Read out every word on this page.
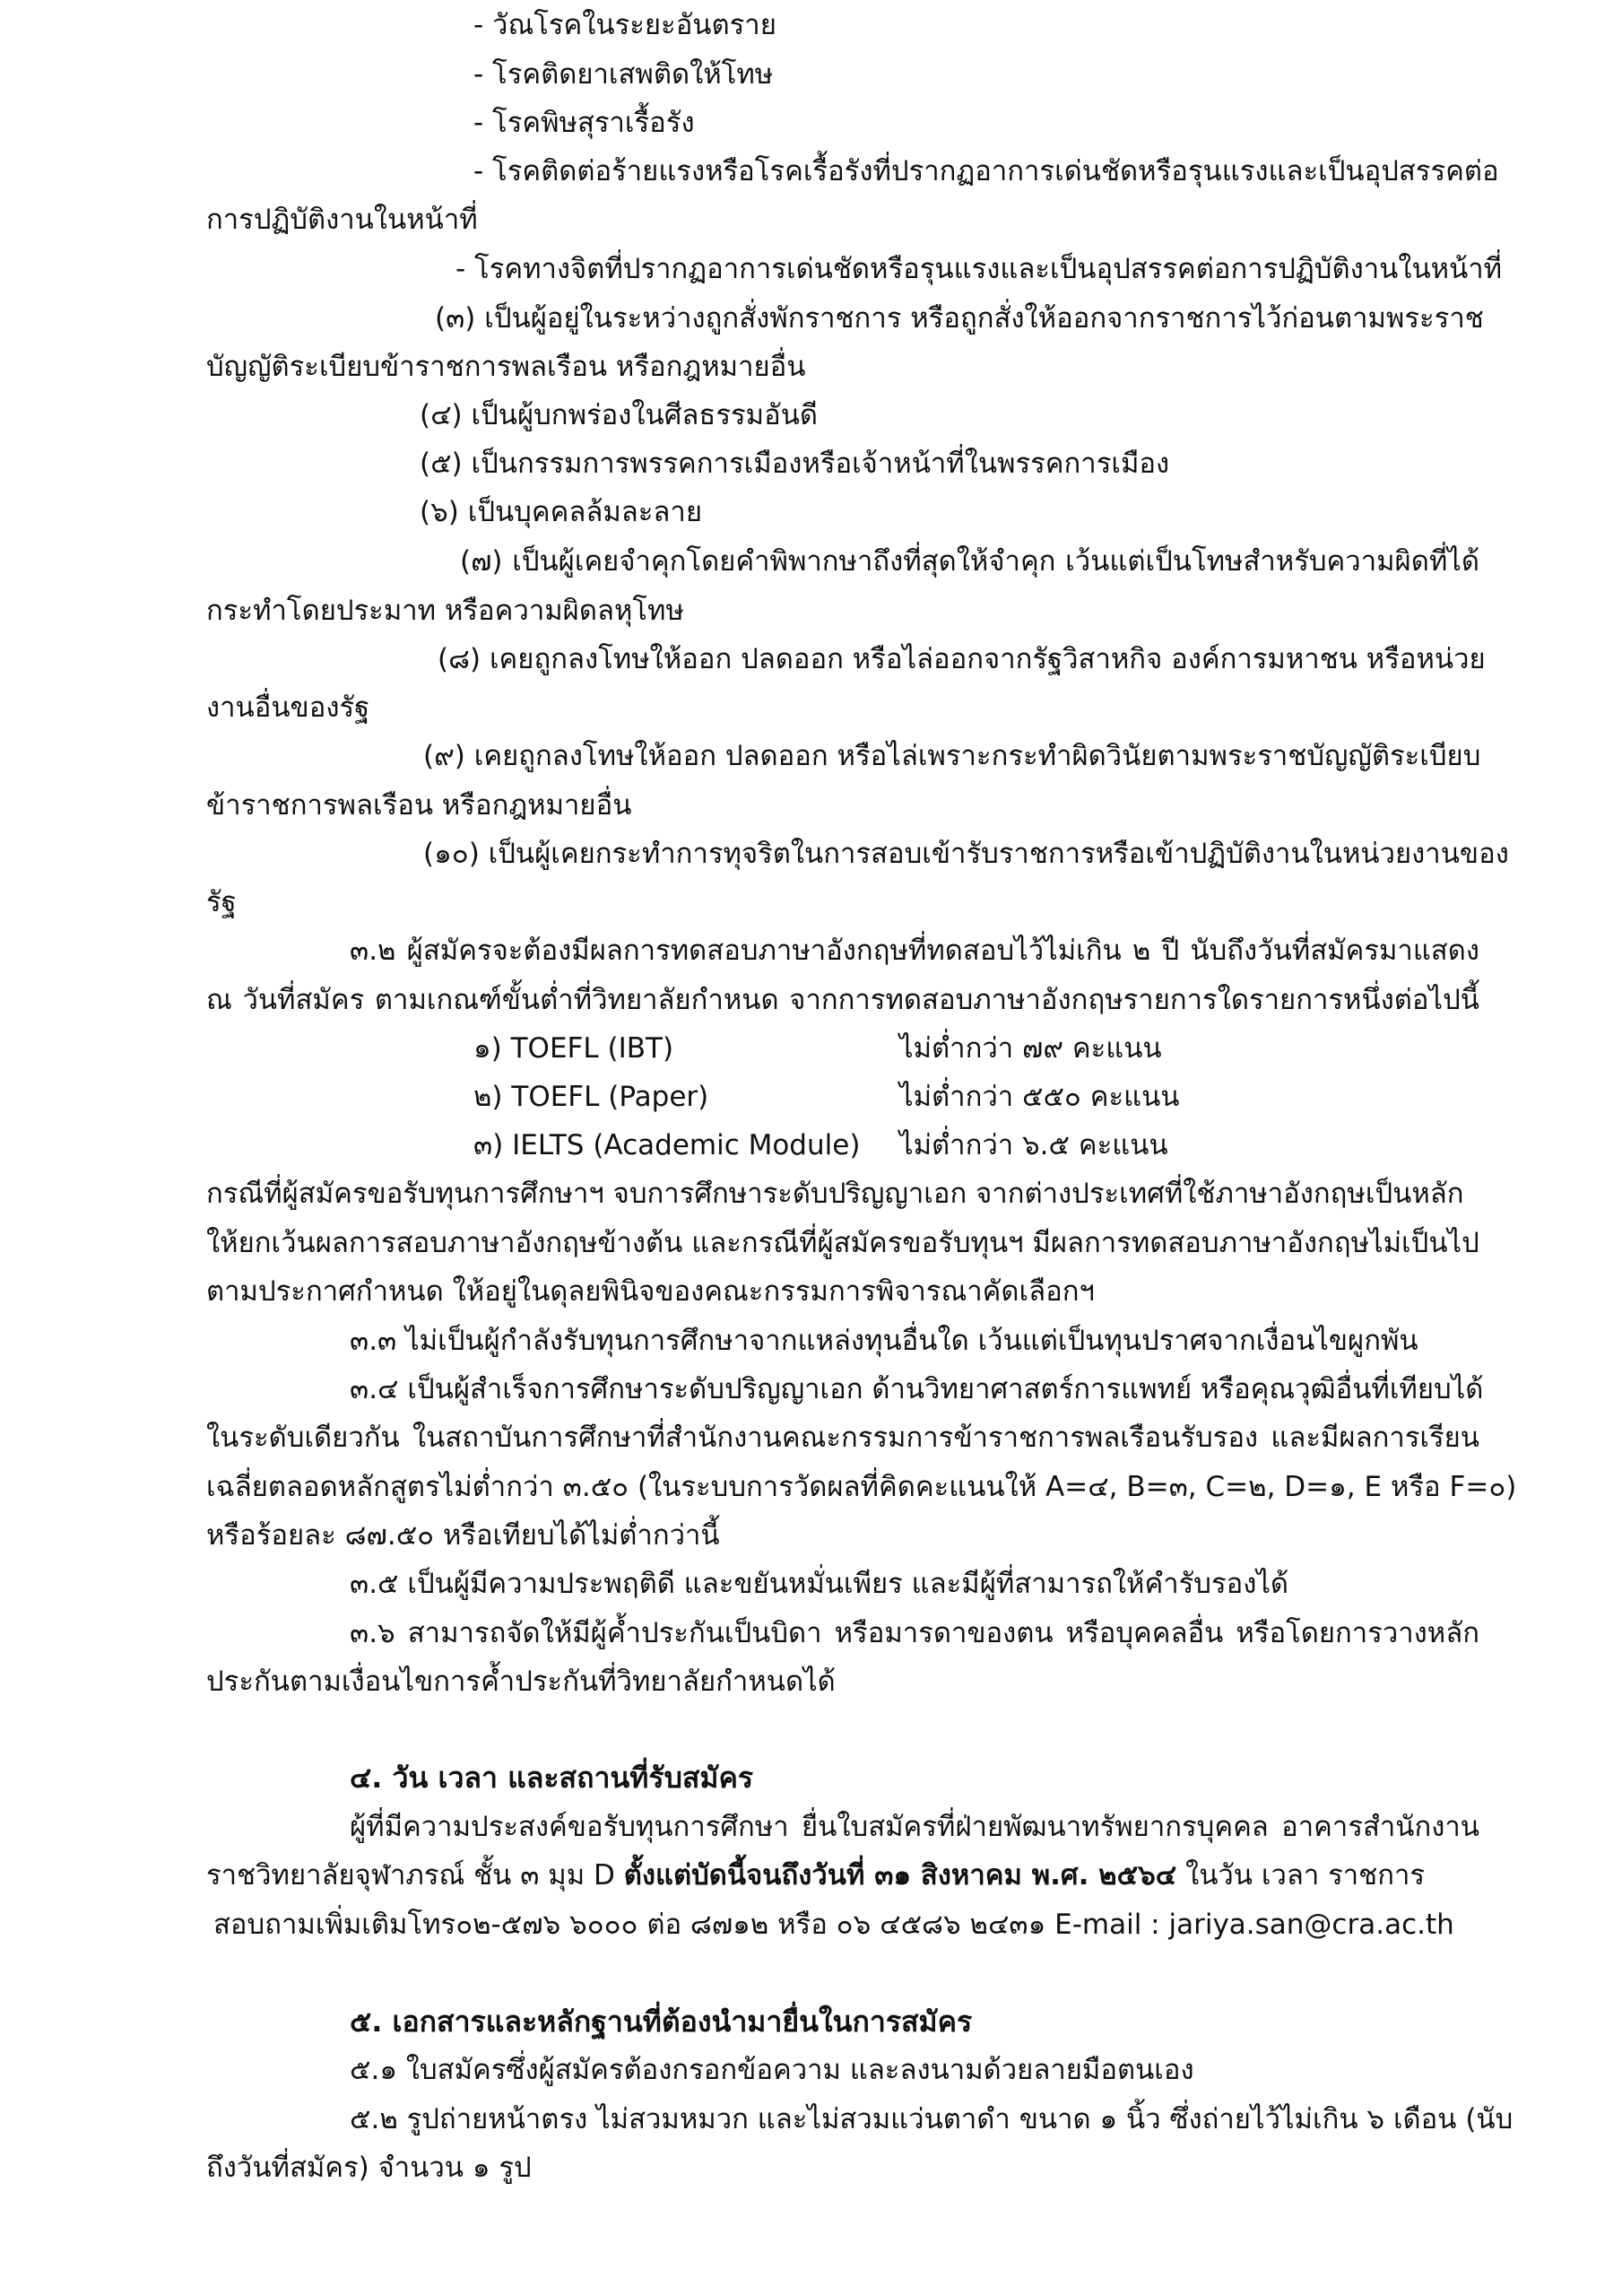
- วัณโรคในระยะอันตราย
- โรคติดยาเสพติดให้โทษ
- โรคพิษสุราเรื้อรัง
- โรคติดต่อร้ายแรงหรือโรคเรื้อรังที่ปรากฏอาการเด่นชัดหรือรุนแรงและเป็นอุปสรรคต่อ
การปฏิบัติงานในหน้าที่
- โรคทางจิตที่ปรากฏอาการเด่นชัดหรือรุนแรงและเป็นอุปสรรคต่อการปฏิบัติงานในหน้าที่
(๓) เป็นผู้อยู่ในระหว่างถูกสั่งพักราชการ หรือถูกสั่งให้ออกจากราชการไว้ก่อนตามพระราช
บัญญัติระเบียบข้าราชการพลเรือน หรือกฎหมายอื่น
(๔) เป็นผู้บกพร่องในศีลธรรมอันดี
(๕) เป็นกรรมการพรรคการเมืองหรือเจ้าหน้าที่ในพรรคการเมือง
(๖) เป็นบุคคลล้มละลาย
(๗) เป็นผู้เคยจำคุกโดยคำพิพากษาถึงที่สุดให้จำคุก เว้นแต่เป็นโทษสำหรับความผิดที่ได้
กระทำโดยประมาท หรือความผิดลหุโทษ
(๘) เคยถูกลงโทษให้ออก ปลดออก หรือไล่ออกจากรัฐวิสาหกิจ องค์การมหาชน หรือหน่วย
งานอื่นของรัฐ
(๙) เคยถูกลงโทษให้ออก ปลดออก หรือไล่เพราะกระทำผิดวินัยตามพระราชบัญญัติระเบียบ
ข้าราชการพลเรือน หรือกฎหมายอื่น
(๑๐) เป็นผู้เคยกระทำการทุจริตในการสอบเข้ารับราชการหรือเข้าปฏิบัติงานในหน่วยงานของ
รัฐ
๓.๒ ผู้สมัครจะต้องมีผลการทดสอบภาษาอังกฤษที่ทดสอบไว้ไม่เกิน ๒ ปี นับถึงวันที่สมัครมาแสดง
ณ วันที่สมัคร ตามเกณฑ์ขั้นต่ำที่วิทยาลัยกำหนด จากการทดสอบภาษาอังกฤษรายการใดรายการหนึ่งต่อไปนี้
๑) TOEFL (IBT)	ไม่ต่ำกว่า ๗๙ คะแนน
๒) TOEFL (Paper)	ไม่ต่ำกว่า ๕๕๐ คะแนน
๓) IELTS (Academic Module) ไม่ต่ำกว่า ๖.๕ คะแนน
กรณีที่ผู้สมัครขอรับทุนการศึกษาฯ จบการศึกษาระดับปริญญาเอก จากต่างประเทศที่ใช้ภาษาอังกฤษเป็นหลัก
ให้ยกเว้นผลการสอบภาษาอังกฤษข้างต้น และกรณีที่ผู้สมัครขอรับทุนฯ มีผลการทดสอบภาษาอังกฤษไม่เป็นไป
ตามประกาศกำหนด ให้อยู่ในดุลยพินิจของคณะกรรมการพิจารณาคัดเลือกฯ
๓.๓ ไม่เป็นผู้กำลังรับทุนการศึกษาจากแหล่งทุนอื่นใด เว้นแต่เป็นทุนปราศจากเงื่อนไขผูกพัน
๓.๔ เป็นผู้สำเร็จการศึกษาระดับปริญญาเอก ด้านวิทยาศาสตร์การแพทย์ หรือคุณวุฒิอื่นที่เทียบได้
ในระดับเดียวกัน ในสถาบันการศึกษาที่สำนักงานคณะกรรมการข้าราชการพลเรือนรับรอง และมีผลการเรียน
เฉลี่ยตลอดหลักสูตรไม่ต่ำกว่า ๓.๕๐ (ในระบบการวัดผลที่คิดคะแนนให้ A=๔, B=๓, C=๒, D=๑, E หรือ F=๐)
หรือร้อยละ ๘๗.๕๐ หรือเทียบได้ไม่ต่ำกว่านี้
๓.๕ เป็นผู้มีความประพฤติดี และขยันหมั่นเพียร และมีผู้ที่สามารถให้คำรับรองได้
๓.๖ สามารถจัดให้มีผู้ค้ำประกันเป็นบิดา หรือมารดาของตน หรือบุคคลอื่น หรือโดยการวางหลัก
ประกันตามเงื่อนไขการค้ำประกันที่วิทยาลัยกำหนดได้
๔. วัน เวลา และสถานที่รับสมัคร
ผู้ที่มีความประสงค์ขอรับทุนการศึกษา ยื่นใบสมัครที่ฝ่ายพัฒนาทรัพยากรบุคคล อาคารสำนักงาน
ราชวิทยาลัยจุฬาภรณ์ ชั้น ๓ มุม D ตั้งแต่บัดนี้จนถึงวันที่ ๓๑ สิงหาคม พ.ศ. ๒๕๖๔ ในวัน เวลา ราชการ
สอบถามเพิ่มเติมโทร๐๒-๕๗๖ ๖๐๐๐ ต่อ ๘๗๑๒ หรือ ๐๖ ๔๕๘๖ ๒๔๓๑ E-mail : jariya.san@cra.ac.th
๕. เอกสารและหลักฐานที่ต้องนำมายื่นในการสมัคร
๕.๑ ใบสมัครซึ่งผู้สมัครต้องกรอกข้อความ และลงนามด้วยลายมือตนเอง
๕.๒ รูปถ่ายหน้าตรง ไม่สวมหมวก และไม่สวมแว่นตาดำ ขนาด ๑ นิ้ว ซึ่งถ่ายไว้ไม่เกิน ๖ เดือน (นับ
ถึงวันที่สมัคร) จำนวน ๑ รูป
